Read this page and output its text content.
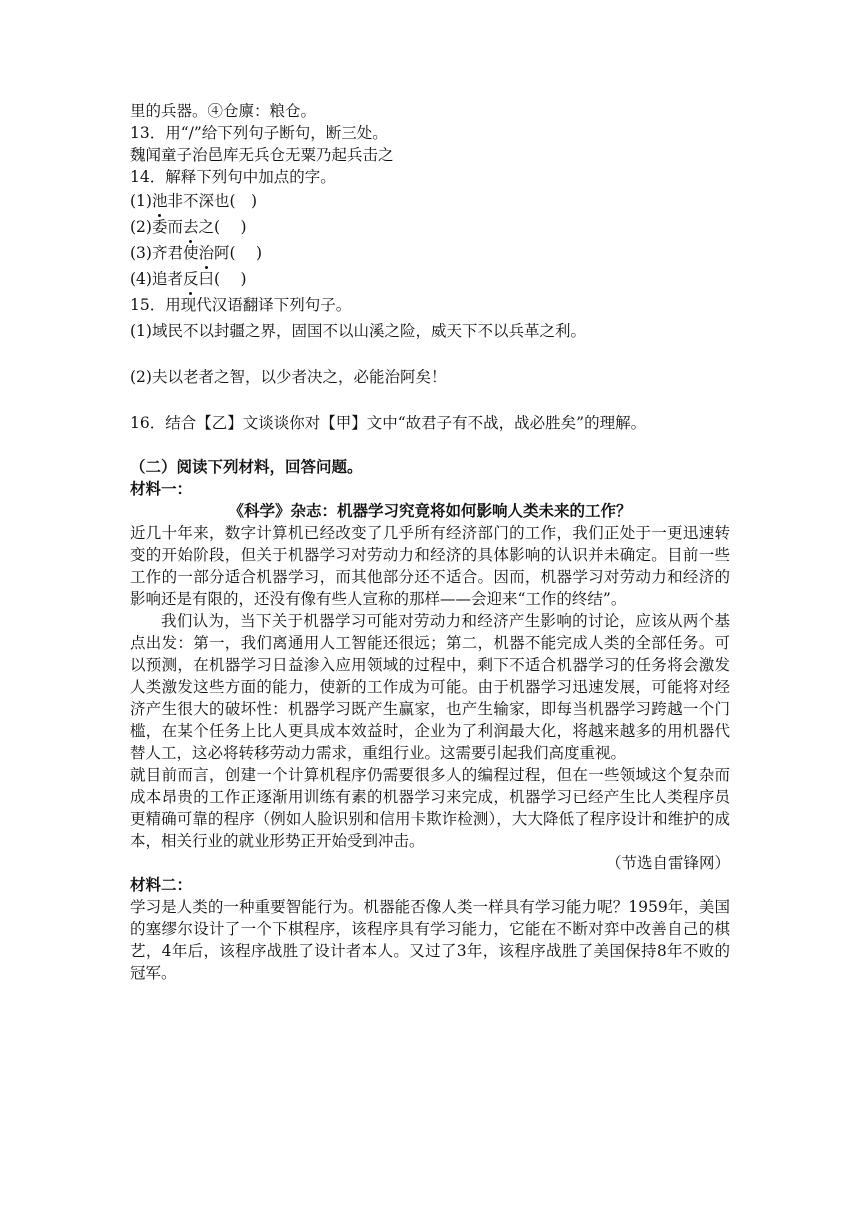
里的兵器。④仓廪：粮仓。
13．用“/”给下列句子断句，断三处。
魏闻童子治邑库无兵仓无粟乃起兵击之
14．解释下列句中加点的字。
(1)池非不深也(　)
(2)委而去之(　 )
(3)齐君使治阿(　 )
(4)追者反曰(　 )
15．用现代汉语翻译下列句子。
(1)域民不以封疆之界，固国不以山溪之险，威天下不以兵革之利。
(2)夫以老者之智，以少者决之，必能治阿矣！
16．结合【乙】文谈谈你对【甲】文中“故君子有不战，战必胜矣”的理解。
（二）阅读下列材料，回答问题。
材料一：
《科学》杂志：机器学习究竟将如何影响人类未来的工作？
近几十年来，数字计算机已经改变了几乎所有经济部门的工作，我们正处于一更迅速转变的开始阶段，但关于机器学习对劳动力和经济的具体影响的认识并未确定。目前一些工作的一部分适合机器学习，而其他部分还不适合。因而，机器学习对劳动力和经济的影响还是有限的，还没有像有些人宣称的那样——会迎来“工作的终结”。
我们认为，当下关于机器学习可能对劳动力和经济产生影响的讨论，应该从两个基点出发：第一，我们离通用人工智能还很远；第二，机器不能完成人类的全部任务。可以预测，在机器学习日益渗入应用领域的过程中，剩下不适合机器学习的任务将会激发人类激发这些方面的能力，使新的工作成为可能。由于机器学习迅速发展，可能将对经济产生很大的破坏性：机器学习既产生赢家，也产生输家，即每当机器学习跨越一个门槛，在某个任务上比人更具成本效益时，企业为了利润最大化，将越来越多的用机器代替人工，这必将转移劳动力需求，重组行业。这需要引起我们高度重视。
就目前而言，创建一个计算机程序仍需要很多人的编程过程，但在一些领域这个复杂而成本昂贵的工作正逐渐用训练有素的机器学习来完成，机器学习已经产生比人类程序员更精确可靠的程序（例如人脸识别和信用卡欺诈检测），大大降低了程序设计和维护的成本，相关行业的就业形势正开始受到冲击。
（节选自雷锋网）
材料二：
学习是人类的一种重要智能行为。机器能否像人类一样具有学习能力呢？1959年，美国的塞缪尔设计了一个下棋程序，该程序具有学习能力，它能在不断对弈中改善自己的棋艺，4年后，该程序战胜了设计者本人。又过了3年，该程序战胜了美国保持8年不败的冠军。
